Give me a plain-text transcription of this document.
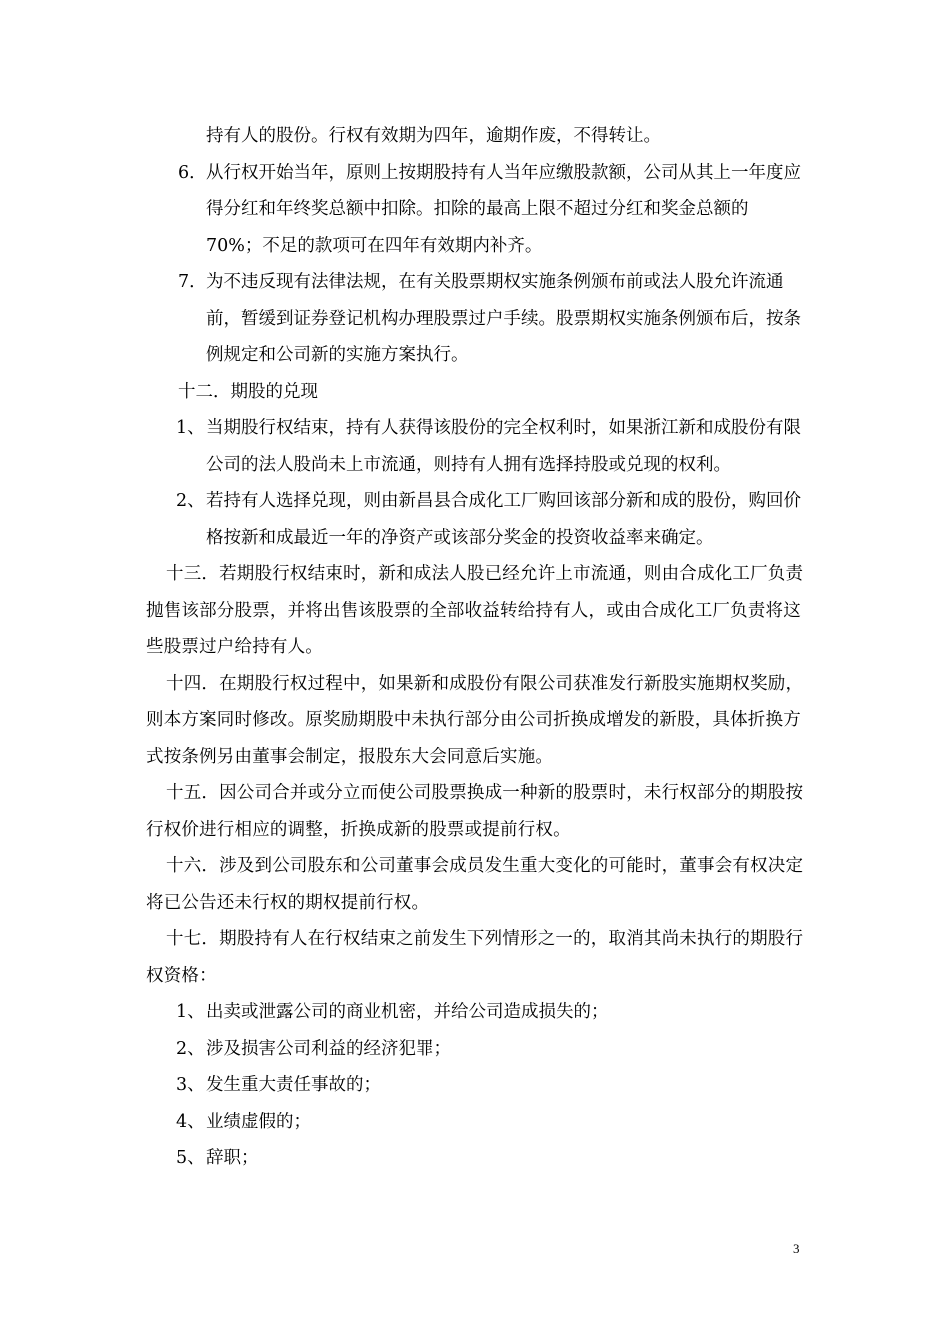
持有人的股份。行权有效期为四年，逾期作废，不得转让。

6． 从行权开始当年，原则上按期股持有人当年应缴股款额，公司从其上一年度应得分红和年终奖总额中扣除。扣除的最高上限不超过分红和奖金总额的 70%；不足的款项可在四年有效期内补齐。
7． 为不违反现有法律法规，在有关股票期权实施条例颁布前或法人股允许流通前，暂缓到证券登记机构办理股票过户手续。股票期权实施条例颁布后，按条例规定和公司新的实施方案执行。

十二．期股的兑现

1、 当期股行权结束，持有人获得该股份的完全权利时，如果浙江新和成股份有限公司的法人股尚未上市流通，则持有人拥有选择持股或兑现的权利。
2、 若持有人选择兑现，则由新昌县合成化工厂购回该部分新和成的股份，购回价格按新和成最近一年的净资产或该部分奖金的投资收益率来确定。

十三．若期股行权结束时，新和成法人股已经允许上市流通，则由合成化工厂负责抛售该部分股票，并将出售该股票的全部收益转给持有人，或由合成化工厂负责将这些股票过户给持有人。

十四．在期股行权过程中，如果新和成股份有限公司获准发行新股实施期权奖励，则本方案同时修改。原奖励期股中未执行部分由公司折换成增发的新股，具体折换方式按条例另由董事会制定，报股东大会同意后实施。

十五．因公司合并或分立而使公司股票换成一种新的股票时，未行权部分的期股按行权价进行相应的调整，折换成新的股票或提前行权。

十六．涉及到公司股东和公司董事会成员发生重大变化的可能时，董事会有权决定将已公告还未行权的期权提前行权。

十七．期股持有人在行权结束之前发生下列情形之一的，取消其尚未执行的期股行权资格：

1、 出卖或泄露公司的商业机密，并给公司造成损失的；
2、 涉及损害公司利益的经济犯罪；
3、 发生重大责任事故的；
4、 业绩虚假的；
5、 辞职；
3
